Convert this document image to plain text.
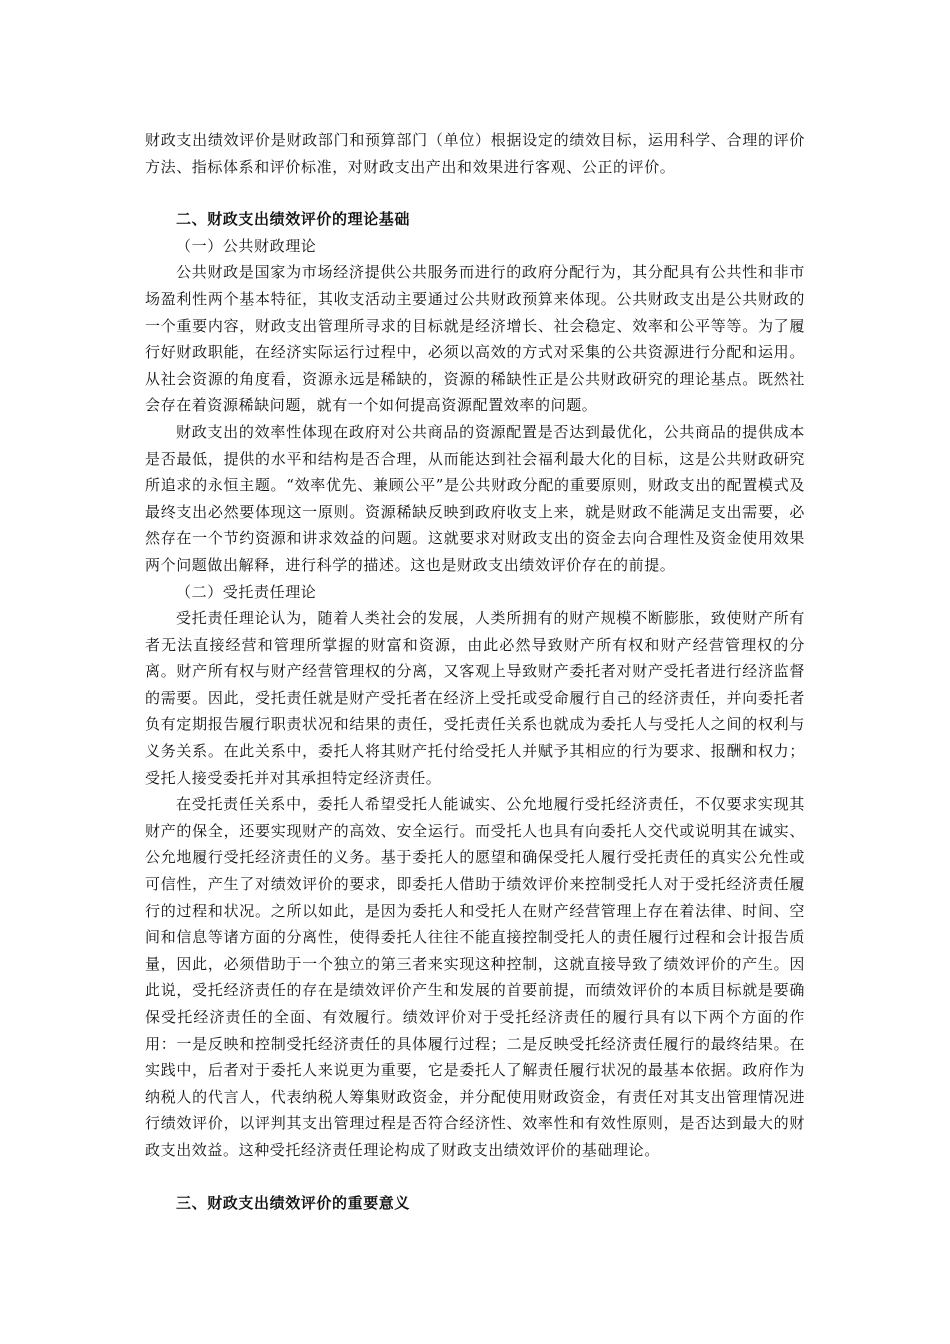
财政支出绩效评价是财政部门和预算部门（单位）根据设定的绩效目标，运用科学、合理的评价方法、指标体系和评价标准，对财政支出产出和效果进行客观、公正的评价。

二、财政支出绩效评价的理论基础

（一）公共财政理论

公共财政是国家为市场经济提供公共服务而进行的政府分配行为，其分配具有公共性和非市场盈利性两个基本特征，其收支活动主要通过公共财政预算来体现。公共财政支出是公共财政的一个重要内容，财政支出管理所寻求的目标就是经济增长、社会稳定、效率和公平等等。为了履行好财政职能，在经济实际运行过程中，必须以高效的方式对采集的公共资源进行分配和运用。从社会资源的角度看，资源永远是稀缺的，资源的稀缺性正是公共财政研究的理论基点。既然社会存在着资源稀缺问题，就有一个如何提高资源配置效率的问题。

财政支出的效率性体现在政府对公共商品的资源配置是否达到最优化，公共商品的提供成本是否最低，提供的水平和结构是否合理，从而能达到社会福利最大化的目标，这是公共财政研究所追求的永恒主题。“效率优先、兼顾公平”是公共财政分配的重要原则，财政支出的配置模式及最终支出必然要体现这一原则。资源稀缺反映到政府收支上来，就是财政不能满足支出需要，必然存在一个节约资源和讲求效益的问题。这就要求对财政支出的资金去向合理性及资金使用效果两个问题做出解释，进行科学的描述。这也是财政支出绩效评价存在的前提。

（二）受托责任理论

受托责任理论认为，随着人类社会的发展，人类所拥有的财产规模不断膨胀，致使财产所有者无法直接经营和管理所掌握的财富和资源，由此必然导致财产所有权和财产经营管理权的分离。财产所有权与财产经营管理权的分离，又客观上导致财产委托者对财产受托者进行经济监督的需要。因此，受托责任就是财产受托者在经济上受托或受命履行自己的经济责任，并向委托者负有定期报告履行职责状况和结果的责任，受托责任关系也就成为委托人与受托人之间的权利与义务关系。在此关系中，委托人将其财产托付给受托人并赋予其相应的行为要求、报酬和权力；受托人接受委托并对其承担特定经济责任。

在受托责任关系中，委托人希望受托人能诚实、公允地履行受托经济责任，不仅要求实现其财产的保全，还要实现财产的高效、安全运行。而受托人也具有向委托人交代或说明其在诚实、公允地履行受托经济责任的义务。基于委托人的愿望和确保受托人履行受托责任的真实公允性或可信性，产生了对绩效评价的要求，即委托人借助于绩效评价来控制受托人对于受托经济责任履行的过程和状况。之所以如此，是因为委托人和受托人在财产经营管理上存在着法律、时间、空间和信息等诸方面的分离性，使得委托人往往不能直接控制受托人的责任履行过程和会计报告质量，因此，必须借助于一个独立的第三者来实现这种控制，这就直接导致了绩效评价的产生。因此说，受托经济责任的存在是绩效评价产生和发展的首要前提，而绩效评价的本质目标就是要确保受托经济责任的全面、有效履行。绩效评价对于受托经济责任的履行具有以下两个方面的作用：一是反映和控制受托经济责任的具体履行过程；二是反映受托经济责任履行的最终结果。在实践中，后者对于委托人来说更为重要，它是委托人了解责任履行状况的最基本依据。政府作为纳税人的代言人，代表纳税人筹集财政资金，并分配使用财政资金，有责任对其支出管理情况进行绩效评价，以评判其支出管理过程是否符合经济性、效率性和有效性原则，是否达到最大的财政支出效益。这种受托经济责任理论构成了财政支出绩效评价的基础理论。

三、财政支出绩效评价的重要意义
